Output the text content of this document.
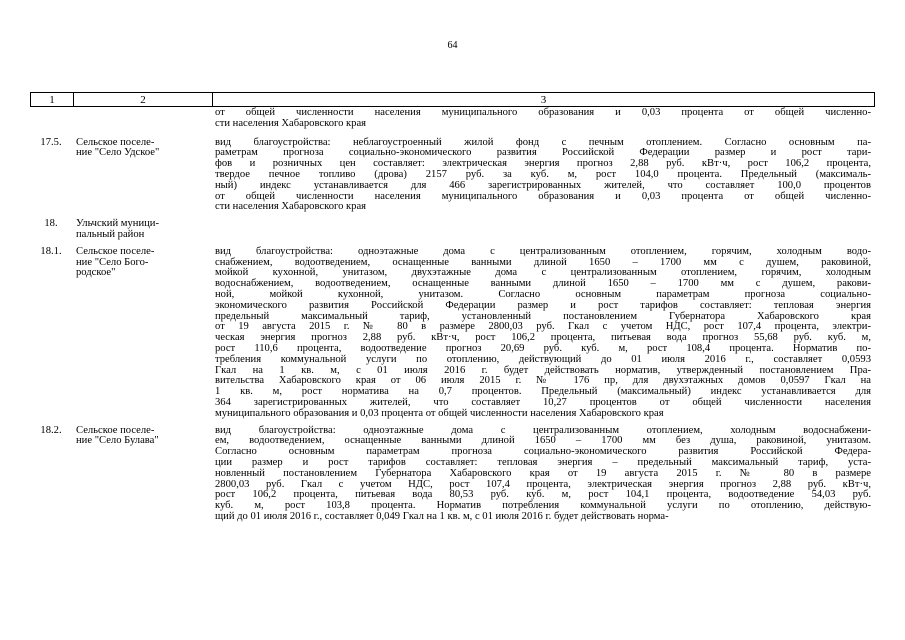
64
1	2	3
от общей численности населения муниципального образования и 0,03 процента от общей численно-
сти населения Хабаровского края
17.5.	Сельское поселе-
ние "Село Удское"
вид благоустройства: неблагоустроенный жилой фонд с печным отоплением. Согласно основным па-
раметрам прогноза социально-экономического развития Российской Федерации размер и рост тари-
фов и розничных цен составляет: электрическая энергия прогноз 2,88 руб. кВт·ч, рост 106,2 процента,
твердое печное топливо (дрова) 2157 руб. за куб. м, рост 104,0 процента. Предельный (максималь-
ный) индекс устанавливается для 466 зарегистрированных жителей, что составляет 100,0 процентов
от общей численности населения муниципального образования и 0,03 процента от общей численно-
сти населения Хабаровского края
18.	Ульчский муници-
пальный район
18.1.	Сельское поселе-
ние "Село Бого-
родское"
вид благоустройства: одноэтажные дома с централизованным отоплением, горячим, холодным водо-
снабжением, водоотведением, оснащенные ванными длиной 1650 – 1700 мм с душем, раковиной,
мойкой кухонной, унитазом, двухэтажные дома с централизованным отоплением, горячим, холодным
водоснабжением, водоотведением, оснащенные ванными длиной 1650 – 1700 мм с душем, ракови-
ной, мойкой кухонной, унитазом. Согласно основным параметрам прогноза социально-
экономического развития Российской Федерации размер и рост тарифов составляет: тепловая энергия
предельный максимальный тариф, установленный постановлением Губернатора Хабаровского края
от 19 августа 2015 г. № 80 в размере 2800,03 руб. Гкал с учетом НДС, рост 107,4 процента, электри-
ческая энергия прогноз 2,88 руб. кВт·ч, рост 106,2 процента, питьевая вода прогноз 55,68 руб. куб. м,
рост 110,6 процента, водоотведение прогноз 20,69 руб. куб. м, рост 108,4 процента. Норматив по-
требления коммунальной услуги по отоплению, действующий до 01 июля 2016 г., составляет 0,0593
Гкал на 1 кв. м, с 01 июля 2016 г. будет действовать норматив, утвержденный постановлением Пра-
вительства Хабаровского края от 06 июля 2015 г. № 176 пр, для двухэтажных домов 0,0597 Гкал на
1 кв. м, рост норматива на 0,7 процентов. Предельный (максимальный) индекс устанавливается для
364 зарегистрированных жителей, что составляет 10,27 процентов от общей численности населения
муниципального образования и 0,03 процента от общей численности населения Хабаровского края
18.2.	Сельское поселе-
ние "Село Булава"
вид благоустройства: одноэтажные дома с централизованным отоплением, холодным водоснабжени-
ем, водоотведением, оснащенные ванными длиной 1650 – 1700 мм без душа, раковиной, унитазом.
Согласно основным параметрам прогноза социально-экономического развития Российской Федера-
ции размер и рост тарифов составляет: тепловая энергия – предельный максимальный тариф, уста-
новленный постановлением Губернатора Хабаровского края от 19 августа 2015 г. № 80 в размере
2800,03 руб. Гкал с учетом НДС, рост 107,4 процента, электрическая энергия прогноз 2,88 руб. кВт·ч,
рост 106,2 процента, питьевая вода 80,53 руб. куб. м, рост 104,1 процента, водоотведение 54,03 руб.
куб. м, рост 103,8 процента. Норматив потребления коммунальной услуги по отоплению, действую-
щий до 01 июля 2016 г., составляет 0,049 Гкал на 1 кв. м, с 01 июля 2016 г. будет действовать норма-
